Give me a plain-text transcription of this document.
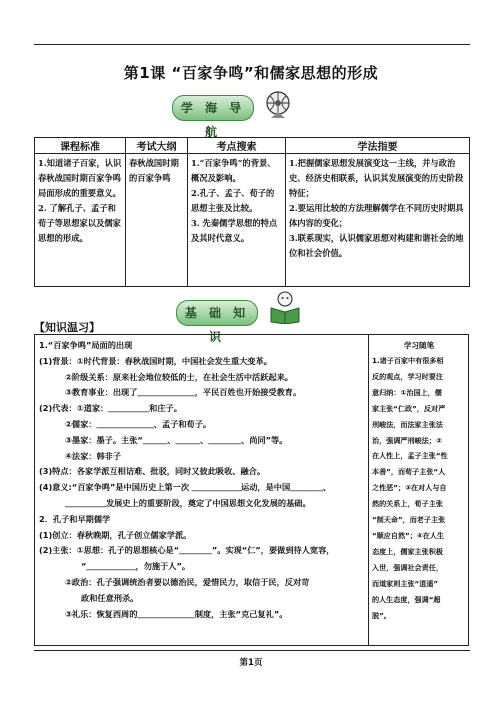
第1课 “百家争鸣”和儒家思想的形成
学 海 导 航
课程标准	考试大纲	考点搜索	学法指要
1.知道诸子百家，认识春秋战国时期百家争鸣局面形成的重要意义。
2. 了解孔子、孟子和荀子等思想家以及儒家思想的形成。	春秋战国时期的百家争鸣	1.“百家争鸣”的背景、概况及影响。
2.孔子、孟子、荀子的思想主张及比较。
3. 先秦儒学思想的特点及其时代意义。	1.把握儒家思想发展演变这一主线，并与政治史、经济史相联系，认识其发展演变的历史阶段特征；
2.要运用比较的方法理解儒学在不同历史时期具体内容的变化；
3.联系现实，认识儒家思想对构建和谐社会的地位和社会价值。
基 础 知 识
【知识温习】
1.“百家争鸣”局面的出现
(1)背景：①时代背景：春秋战国时期，中国社会发生重大变革。
②阶级关系：原来社会地位较低的士，在社会生活中活跃起来。
③教育事业：出现了＿＿＿＿＿＿＿，平民百姓也开始接受教育。
(2)代表：①道家：＿＿＿＿＿和庄子。
②儒家：＿＿＿＿＿＿＿、孟子和荀子。
③墨家：墨子。主张“＿＿＿、＿＿＿、＿＿＿＿、尚同”等。
④法家：韩非子
(3)特点：各家学派互相诘难、批驳，同时又彼此吸收、融合。
(4)意义:“百家争鸣”是中国历史上第一次 ＿＿＿＿＿＿运动，是中国＿＿＿＿、
＿＿＿＿＿发展史上的重要阶段，奠定了中国思想文化发展的基础。
2．孔子和早期儒学
(1)创立：春秋晚期，孔子创立儒家学派。
(2)主张：①思想：孔子的思想核心是“＿＿＿＿”。实现“仁”，要做到待人宽容，
“＿＿＿＿＿＿，勿施于人”。
②政治：孔子强调统治者要以德治民，爱惜民力，取信于民，反对苛
政和任意刑杀。
③礼乐：恢复西周的＿＿＿＿＿＿＿制度，主张“克己复礼”。
学习随笔
1.诸子百家中有很多相
反的观点，学习时要注
意归纳：①治国上，儒
家主张“仁政”，反对严
刑峻法，而法家主张法
治，强调严刑峻法；②
在人性上，孟子主张“性
本善”，而荀子主张“人
之性恶”；③在对人与自
然的关系上，荀子主张
“制天命”，而老子主张
“顺应自然”；④在人生
态度上，儒家主张积极
入世，强调社会责任，
而道家则主张“逍遥”
的人生态度，强调“超
脱”。
第1页
